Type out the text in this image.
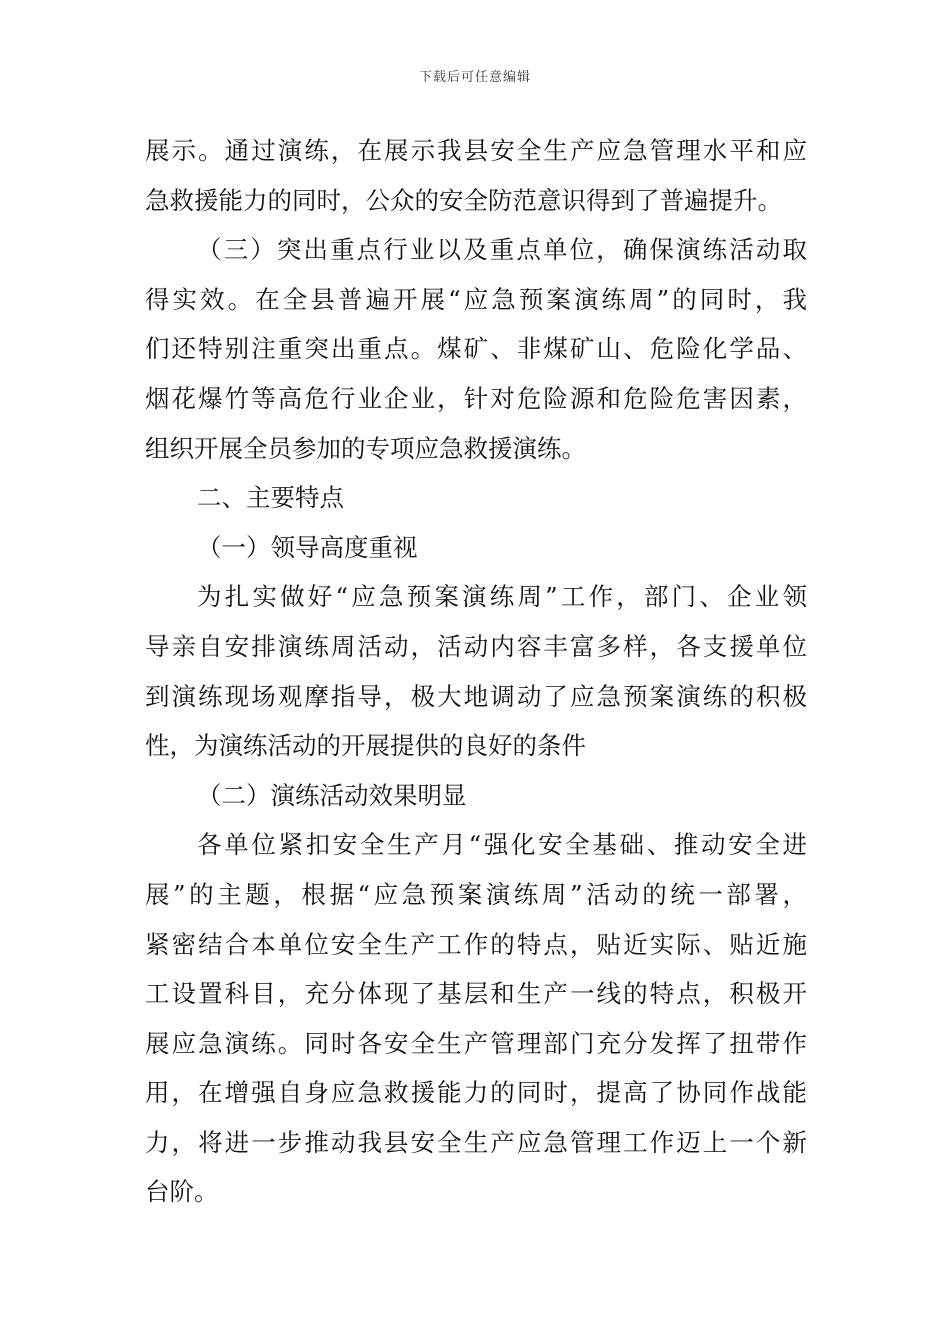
下载后可任意编辑
展示。通过演练，在展示我县安全生产应急管理水平和应
急救援能力的同时，公众的安全防范意识得到了普遍提升。
（三）突出重点行业以及重点单位，确保演练活动取
得实效。在全县普遍开展“应急预案演练周”的同时，我
们还特别注重突出重点。煤矿、非煤矿山、危险化学品、
烟花爆竹等高危行业企业，针对危险源和危险危害因素，
组织开展全员参加的专项应急救援演练。
二、主要特点
（一）领导高度重视
为扎实做好“应急预案演练周”工作，部门、企业领
导亲自安排演练周活动，活动内容丰富多样，各支援单位
到演练现场观摩指导，极大地调动了应急预案演练的积极
性，为演练活动的开展提供的良好的条件
（二）演练活动效果明显
各单位紧扣安全生产月“强化安全基础、推动安全进
展”的主题，根据“应急预案演练周”活动的统一部署，
紧密结合本单位安全生产工作的特点，贴近实际、贴近施
工设置科目，充分体现了基层和生产一线的特点，积极开
展应急演练。同时各安全生产管理部门充分发挥了扭带作
用，在增强自身应急救援能力的同时，提高了协同作战能
力，将进一步推动我县安全生产应急管理工作迈上一个新
台阶。
